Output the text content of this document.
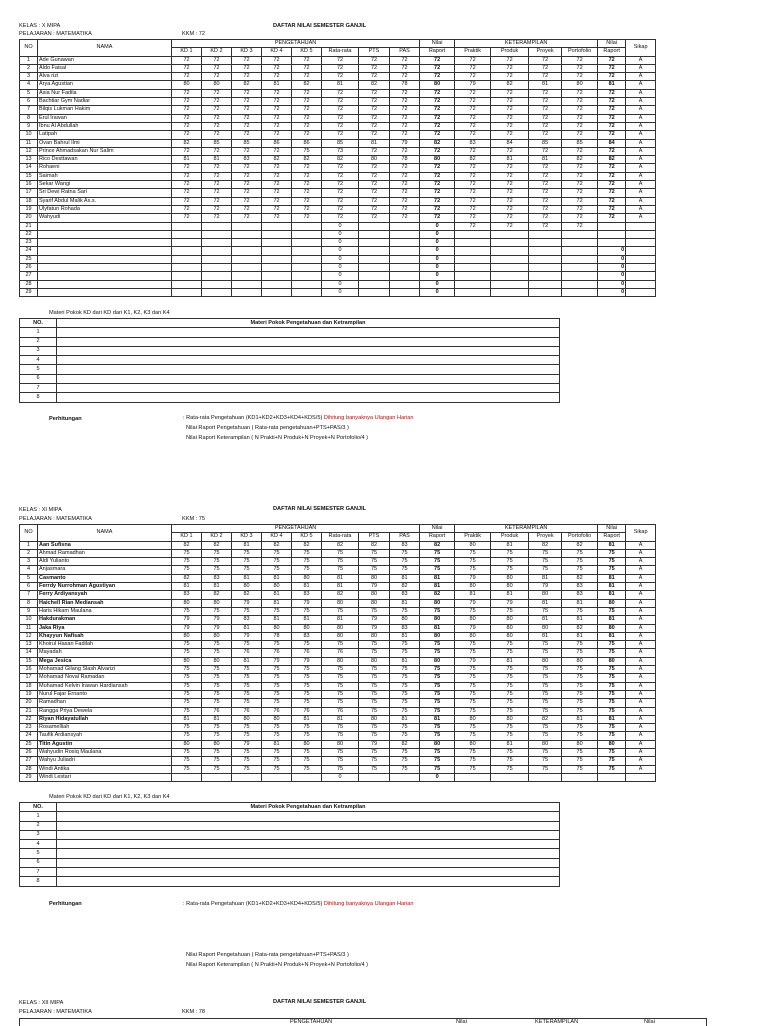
KELAS : X MIPA
PELAJARAN : MATEMATIKA	KKM : 72
DAFTAR NILAI SEMESTER GANJIL
NO	NAMA	PENGETAHUAN								Nilai	KETERAMPILAN				Nilai	Sikap
		KD 1	KD 2	KD 3	KD 4	KD 5	Rata-rata	PTS	PAS	Raport	Praktik	Produk	Proyek	Portofolio	Raport	
1	Ade Gunawan	72	72	72	72	72	72	72	72	72	72	72	72	72	72	A
2	Aldo Faisal	72	72	72	72	72	72	72	72	72	72	72	72	72	72	A
3	Alva rizi	72	72	72	72	72	72	72	72	72	72	72	72	72	72	A
4	Arya Agustian	80	80	82	81	82	81	82	78	80	79	82	81	80	81	A
5	Asia Nur Fadila	72	72	72	72	72	72	72	72	72	72	72	72	72	72	A
6	Bachtiar Gym Nadiar	72	72	72	72	72	72	72	72	72	72	72	72	72	72	A
7	Bilqis Lukman Hakim	72	72	72	72	72	72	72	72	72	72	72	72	72	72	A
8	Erul Irawan	72	72	72	72	72	72	72	72	72	72	72	72	72	72	A
9	Ibnu Al Abdullah	72	72	72	72	72	72	72	72	72	72	72	72	72	72	A
10	Latipah	72	72	72	72	72	72	72	72	72	72	72	72	72	72	A
11	Ovan Bahrul Ilmi	82	85	85	86	86	85	81	79	82	83	84	85	85	84	A
12	Prince Ahmadsakan Nur Salim	72	72	72	72	75	73	72	72	72	72	72	72	72	72	A
13	Rico Desttawan	81	81	83	82	82	82	80	78	80	82	81	81	82	82	A
14	Rohaeni	72	72	72	72	72	72	72	72	72	72	72	72	72	72	A
15	Saimah	72	72	72	72	72	72	72	72	72	72	72	72	72	72	A
16	Sekar Wangi	72	72	72	72	72	72	72	72	72	72	72	72	72	72	A
17	Sri Dewi Ratna Sari	72	72	72	72	72	72	72	72	72	72	72	72	72	72	A
18	Syarif Abdul Malik As.s.	72	72	72	72	72	72	72	72	72	72	72	72	72	72	A
19	Ulyfatun Rohada	72	72	72	72	72	72	72	72	72	72	72	72	72	72	A
20	Wahyudi	72	72	72	72	72	72	72	72	72	72	72	72	72	72	A
21							0			0	72	72	72	72		
22							0			0						
23							0			0						
24							0			0					0	
25							0			0					0	
26							0			0					0	
27							0			0					0	
28							0			0					0	
29							0			0					0	
Materi Pokok KD dari KD dari K1, K2, K3 dan K4
NO.	Materi Pokok Pengetahuan dan Ketrampilan
1	
2	
3	
4	
5	
6	
7	
8	
Perhitungan	: Rata-rata Pengetahuan (KD1+KD2+KD3+KD4+KDS/5) Dihitung banyaknya Ulangan Harian
Nilai Raport Pengetahuan ( Rata-rata pengetahuan+PTS+PAS/3 )
Nilai Raport Keterampilan ( N Prakti+N Produk+N Proyek+N Portofolio/4 )
KELAS : XI MIPA
PELAJARAN : MATEMATIKA	KKM : 75
DAFTAR NILAI SEMESTER GANJIL
NO	NAMA	PENGETAHUAN								Nilai	KETERAMPILAN				Nilai	Sikap
		KD 1	KD 2	KD 3	KD 4	KD 5	Rata-rata	PTS	PAS	Raport	Praktik	Produk	Proyek	Portofolio	Raport	
1	Aan Sufisna	82	82	81	82	82	82	82	83	82	80	81	82	82	81	A
2	Ahmad Ramadhan	75	75	75	75	75	75	75	75	75	75	75	75	75	75	A
3	Aldi Yulianto	75	75	75	75	75	75	75	75	75	75	75	75	75	75	A
4	Anjasmara	75	75	75	75	75	75	75	75	75	75	75	75	75	75	A
5	Casmanto	82	83	81	81	80	81	80	81	81	79	80	81	82	81	A
6	Ferrdy Nurrohman Agustiyan	81	81	80	80	81	81	79	82	81	80	80	79	83	81	A
7	Ferry Ardiyansyah	83	82	82	81	83	82	80	83	82	81	81	80	83	81	A
8	Haichell Rian Mediansah	80	80	79	81	79	80	80	81	80	79	79	81	81	80	A
9	Haris Hikam Maulana	75	75	75	75	75	75	75	75	75	75	75	75	75	75	A
10	Hakdurakman	79	79	83	81	81	81	79	80	80	80	80	81	81	81	A
11	Jaka Riya	79	79	81	80	80	80	79	83	81	79	80	80	82	80	A
12	Khayyun Nafisah	80	80	79	78	83	80	80	81	80	80	80	81	81	81	A
13	Khoirul Hasan Fadilah	75	75	75	75	75	75	75	75	75	75	75	75	75	75	A
14	Mayadah	75	75	76	76	76	76	75	75	75	75	75	75	75	75	A
15	Mega Jesica	80	80	81	79	79	80	80	81	80	79	81	80	80	80	A
16	Mohamad Gilang Slash Alvarizi	75	75	75	75	75	75	75	75	75	75	75	75	75	75	A
17	Mohamad Noval Ramadan	75	75	75	75	75	75	75	75	75	75	75	75	75	75	A
18	Muhamad Kelvin Irawan Hardiansah	75	75	75	75	75	75	75	75	75	75	75	75	75	75	A
19	Nurul Fajar Ernanto	75	75	75	75	75	75	75	75	75	75	75	75	75	75	A
20	Ramadhan	75	75	75	75	75	75	75	75	75	75	75	75	75	75	A
21	Rangga Priya Dewela	75	76	76	76	76	76	75	75	75	75	75	75	75	75	A
22	Riyan Hidayatullah	81	81	80	80	81	81	80	81	81	80	80	82	81	81	A
23	Rosamelliah	75	75	75	75	75	75	75	75	75	75	75	75	75	75	A
24	Taufik Ardiansyah	75	75	75	75	75	75	75	75	75	75	75	75	75	75	A
25	Titin Agustin	80	80	79	81	80	80	79	82	80	80	81	80	80	80	A
26	Wahyudin Rosiq Maulana	75	75	75	75	75	75	75	75	75	75	75	75	75	75	A
27	Wahyu Juliadri	75	75	75	75	75	75	75	75	75	75	75	75	75	75	A
28	Windi Antika	75	75	75	75	75	75	75	75	75	75	75	75	75	75	A
29	Windi Lestari						0			0						
Materi Pokok KD dari KD dari K1, K2, K3 dan K4
NO.	Materi Pokok Pengetahuan dan Ketrampilan
1	
2	
3	
4	
5	
6	
7	
8	
Perhitungan	: Rata-rata Pengetahuan (KD1+KD2+KD3+KD4+KDS/5) Dihitung banyaknya Ulangan Harian
Nilai Raport Pengetahuan ( Rata-rata pengetahuan+PTS+PAS/3 )
Nilai Raport Keterampilan ( N Prakti+N Produk+N Proyek+N Portofolio/4 )
KELAS : XII MIPA
PELAJARAN : MATEMATIKA	KKM : 78
DAFTAR NILAI SEMESTER GANJIL
PENGETAHUAN	Nilai	KETERAMPILAN	Nilai
